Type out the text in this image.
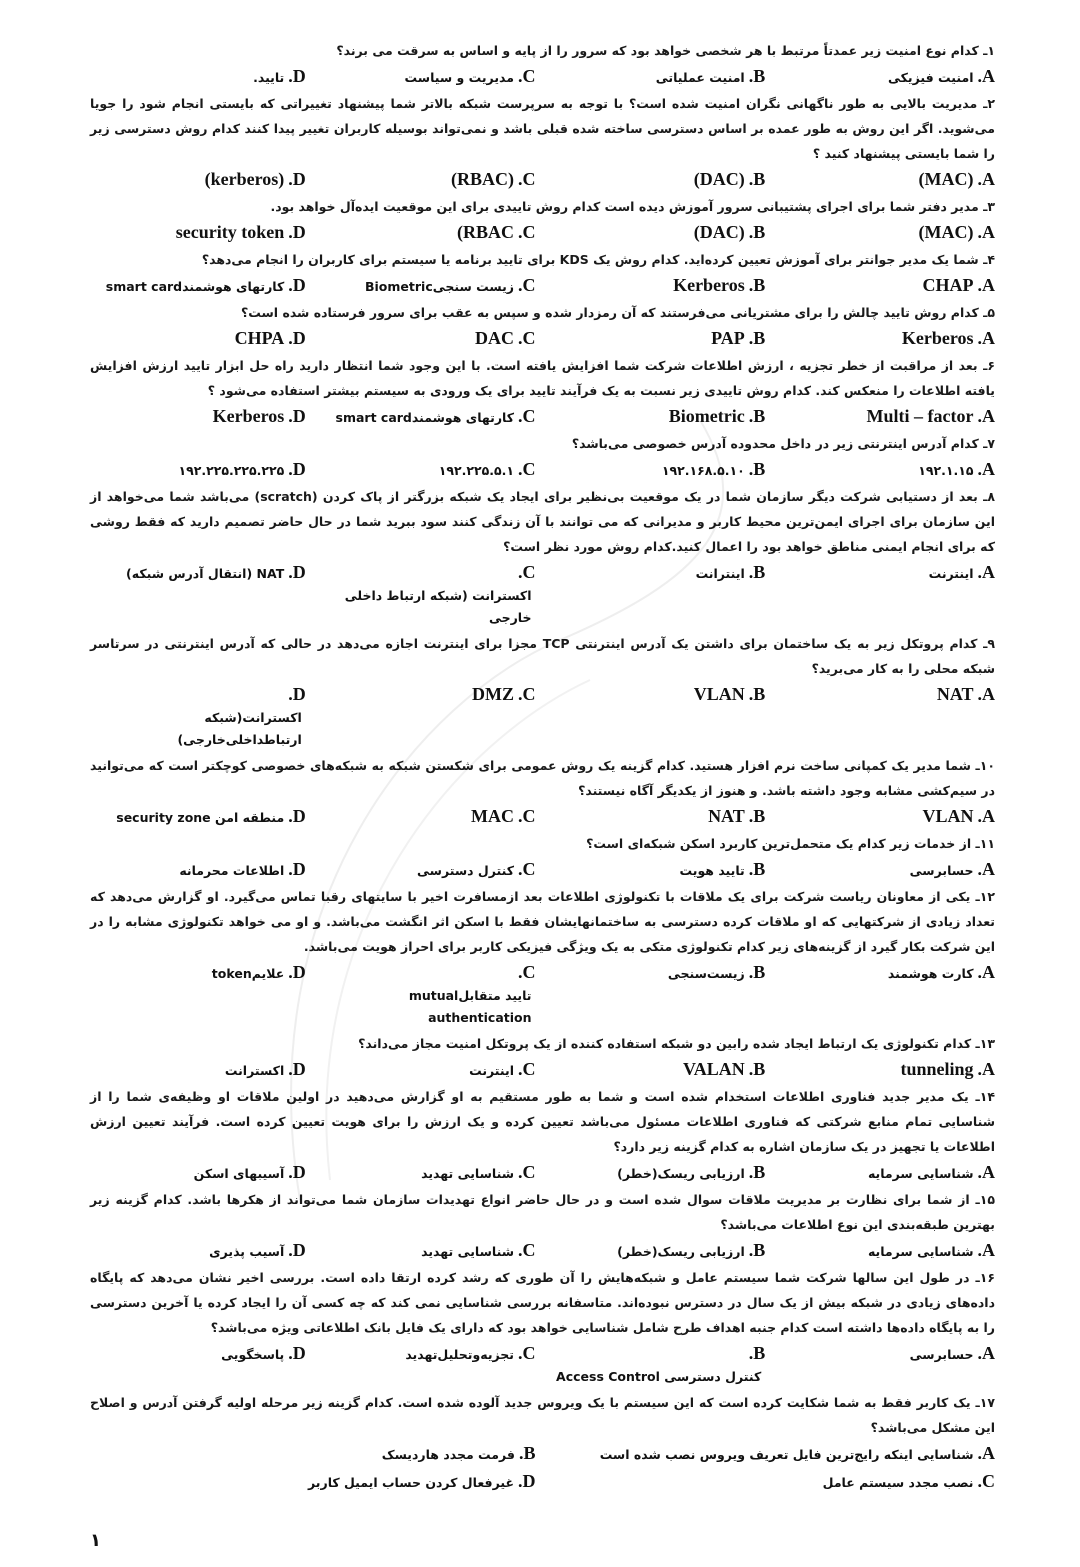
۱ـ کدام نوع امنیت زیر عمدتاً مرتبط با هر شخصی خواهد بود که سرور را از پایه و اساس به سرقت می برند؟
A .
امنیت فیزیکی
B .
امنیت عملیاتی
C .
مدیریت و سیاست
D .
تایید.
۲ـ مدیریت بالایی به طور ناگهانی نگران امنیت شده است؟ با توجه به سرپرست شبکه بالاتر شما پیشنهاد تغییراتی که بایستی انجام شود را جویا می‌شوید. اگر این روش به طور عمده بر اساس دسترسی ساخته شده قبلی باشد و نمی‌تواند بوسیله کاربران تغییر پیدا کنند کدام روش دسترسی زیر را شما بایستی پیشنهاد کنید ؟
A .
(MAC)
B .
(DAC)
C .
(RBAC)
D .
(kerberos)
۳ـ مدیر دفتر شما برای اجرای پشتیبانی سرور آموزش دیده است کدام روش تاییدی برای این موقعیت ایده‌آل خواهد بود.
A .
(MAC)
B .
(DAC)
C .
RBAC)
D .
security token
۴ـ شما یک مدیر جوانتر برای آموزش تعیین کرده‌اید. کدام روش یک KDS برای تایید برنامه یا سیستم برای کاربران را انجام می‌دهد؟
A .
CHAP
B .
Kerberos
C .
زیست سنجیBiometric
D .
کارتهای هوشمندsmart card
۵ـ کدام روش تایید چالش را برای مشتریانی می‌فرستند که آن رمزدار شده و سپس به عقب برای سرور فرستاده شده است؟
A .
Kerberos
B .
PAP
C .
DAC
D .
CHPA
۶ـ بعد از مراقبت از خطر تجزیه ، ارزش اطلاعات شرکت شما افزایش یافته است. با این وجود شما انتظار دارید راه حل ابزار تایید ارزش افزایش یافته اطلاعات را منعکس کند. کدام روش تاییدی زیر نسبت به یک فرآیند تایید برای یک ورودی به سیستم بیشتر استفاده می‌شود ؟
A .
Multi – factor
B .
Biometric
C .
کارتهای هوشمندsmart card
D .
Kerberos
۷ـ کدام آدرس اینترنتی زیر در داخل محدوده آدرس خصوصی می‌باشد؟
A .
۱۹۲.۱.۱۵
B .
۱۹۲.۱۶۸.۵.۱۰
C .
۱۹۲.۲۲۵.۵.۱
D .
۱۹۲.۲۲۵.۲۲۵.۲۲۵
۸ـ بعد از دستیابی شرکت دیگر سازمان شما در یک موقعیت بی‌نظیر برای ایجاد یک شبکه بزرگتر از پاک کردن (scratch) می‌باشد شما می‌خواهد از این سازمان برای اجرای ایمن‌ترین محیط کاربر و مدیرانی که می توانند با آن زندگی کنند سود ببرید شما در حال حاضر تصمیم دارید که فقط روشی که برای انجام ایمنی مناطق خواهد بود را اعمال کنید.کدام روش مورد نظر است؟
A .
اینترنت
B .
اینترانت
C .
اکسترانت (شبکه ارتباط داخلی خارجی
D .
NAT (انتقال آدرس شبکه)
۹ـ کدام پروتکل زیر به یک ساختمان برای داشتن یک آدرس اینترنتی TCP مجزا برای اینترنت اجازه می‌دهد در حالی که آدرس اینترنتی در سرتاسر شبکه محلی را به کار می‌برید؟
A .
NAT
B .
VLAN
C .
DMZ
D .
اکسترانت(شبکه ارتباطداخلی‌خارجی)
۱۰ـ شما مدیر یک کمپانی ساخت نرم افزار هستید. کدام گزینه یک روش عمومی برای شکستن شبکه به شبکه‌های خصوصی کوچکتر است که می‌توانید در سیم‌کشی مشابه وجود داشته باشد. و هنوز از یکدیگر آگاه نیستند؟
A .
VLAN
B .
NAT
C .
MAC
D .
منطقه امن security zone
۱۱ـ از خدمات زیر کدام یک متحمل‌ترین کاربرد اسکن شبکه‌ای است؟
A .
حسابرسی
B .
تایید هویت
C .
کنترل دسترسی
D .
اطلاعات محرمانه
۱۲ـ یکی از معاونان ریاست شرکت برای یک ملاقات با تکنولوژی اطلاعات بعد ازمسافرت اخیر با سایتهای رقبا تماس می‌گیرد. او گزارش می‌دهد که تعداد زیادی از شرکتهایی که او ملاقات کرده دسترسی به ساختمانهایشان فقط با اسکن اثر انگشت می‌باشد. و او می خواهد تکنولوژی مشابه را در این شرکت بکار گیرد از گزینه‌های زیر کدام تکنولوژی متکی به یک ویژگی فیزیکی کاربر برای احراز هویت می‌باشد.
A .
کارت هوشمند
B .
زیست‌سنجی
C .
تایید متقابلmutual authentication
D .
علایمtoken
۱۳ـ کدام تکنولوژی یک ارتباط ایجاد شده رابین دو شبکه استفاده کننده از یک پروتکل امنیت مجاز می‌داند؟
A .
tunneling
B .
VALAN
C .
اینترنت
D .
اکسترانت
۱۴ـ یک مدیر جدید فناوری اطلاعات استخدام شده است و شما به طور مستقیم به او گزارش می‌دهید در اولین ملاقات او وظیفه‌ی شما را از شناسایی تمام منابع شرکتی که فناوری اطلاعات مسئول می‌باشد تعیین کرده و یک ارزش را برای هویت تعیین کرده است. فرآیند تعیین ارزش اطلاعات یا تجهیز در یک سازمان اشاره به کدام گزینه زیر دارد؟
A .
شناسایی سرمایه
B .
ارزیابی ریسک(خطر)
C .
شناسایی تهدید
D .
آسیبهای اسکن
۱۵ـ از شما برای نظارت بر مدیریت ملاقات سوال شده است و در حال حاضر انواع تهدیدات سازمان شما می‌تواند از هکرها باشد. کدام گزینه زیر بهترین طبقه‌بندی این نوع اطلاعات می‌باشد؟
A .
شناسایی سرمایه
B .
ارزیابی ریسک(خطر)
C .
شناسایی تهدید
D .
آسیب پذیری
۱۶ـ در طول این سالها شرکت شما سیستم عامل و شبکه‌هایش را آن طوری که رشد کرده ارتقا داده است. بررسی اخیر نشان می‌دهد که پایگاه داده‌های زیادی در شبکه بیش از یک سال در دسترس نبوده‌اند. متاسفانه بررسی شناسایی نمی کند که چه کسی آن را ایجاد کرده یا آخرین دسترسی را به پایگاه داده‌ها داشته است کدام جنبه اهداف طرح شامل شناسایی خواهد بود که دارای یک فایل بانک اطلاعاتی ویژه می‌باشد؟
A .
حسابرسی
B .
کنترل دسترسی Access Control
C .
تجزیه‌وتحلیل‌تهدید
D .
پاسخگویی
۱۷ـ یک کاربر فقط به شما شکایت کرده است که این سیستم با یک ویروس جدید آلوده شده است. کدام گزینه زیر مرحله اولیه گرفتن آدرس و اصلاح این مشکل می‌باشد؟
A .
شناسایی اینکه رایج‌ترین فایل تعریف ویروس نصب شده است
B .
فرمت مجدد هاردیسک
C .
نصب مجدد سیستم عامل
D .
غیرفعال کردن حساب ایمیل کاربر
۱
